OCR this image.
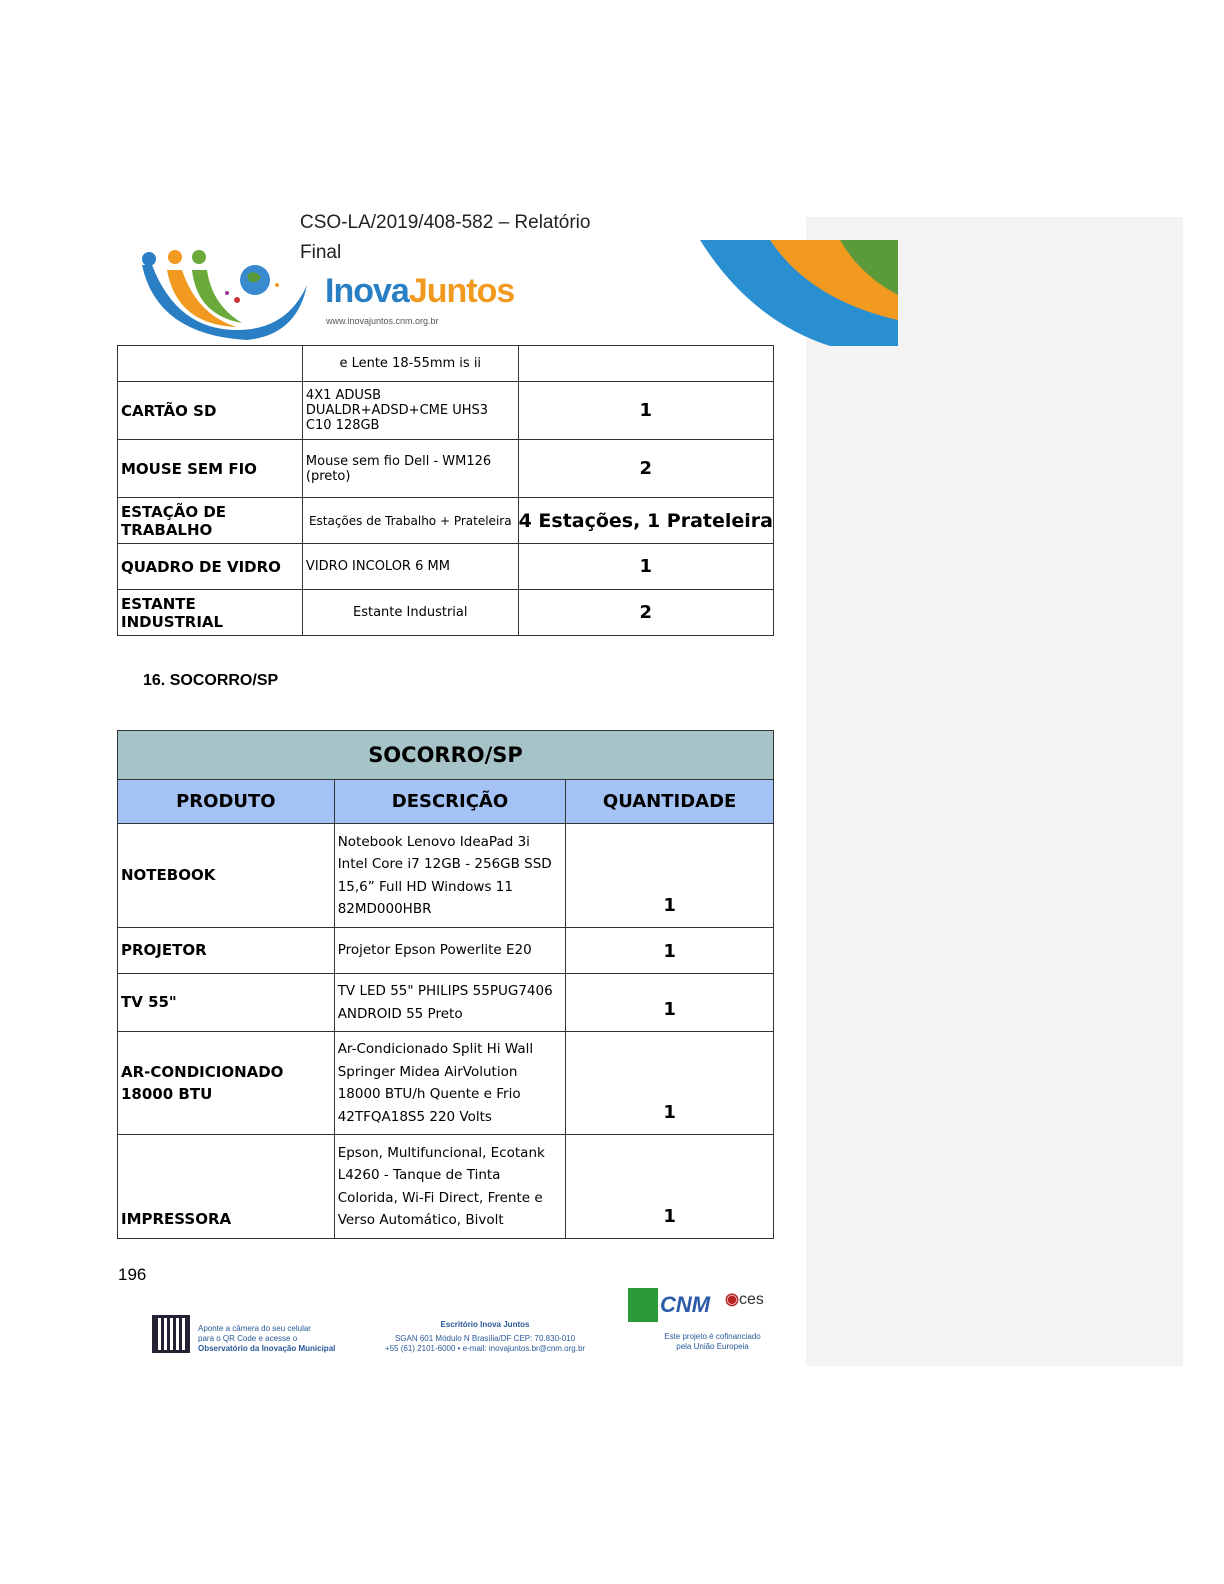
CSO-LA/2019/408-582 – Relatório Final
InovaJuntos
www.inovajuntos.cnm.org.br
	e Lente 18-55mm is ii	
CARTÃO SD	4X1 ADUSB DUALDR+ADSD+CME UHS3 C10 128GB	1
MOUSE SEM FIO	Mouse sem fio Dell - WM126 (preto)	2
ESTAÇÃO DE TRABALHO	Estações de Trabalho + Prateleira	4 Estações, 1 Prateleira
QUADRO DE VIDRO	VIDRO INCOLOR 6 MM	1
ESTANTE INDUSTRIAL	Estante Industrial	2
16. SOCORRO/SP
SOCORRO/SP		
PRODUTO	DESCRIÇÃO	QUANTIDADE
NOTEBOOK	Notebook Lenovo IdeaPad 3i Intel Core i7 12GB - 256GB SSD 15,6” Full HD Windows 11 82MD000HBR	1
PROJETOR	Projetor Epson Powerlite E20	1
TV 55"	TV LED 55" PHILIPS 55PUG7406 ANDROID 55 Preto	1
AR-CONDICIONADO 18000 BTU	Ar-Condicionado Split Hi Wall Springer Midea AirVolution 18000 BTU/h Quente e Frio 42TFQA18S5 220 Volts	1
IMPRESSORA	Epson, Multifuncional, Ecotank L4260 - Tanque de Tinta Colorida, Wi-Fi Direct, Frente e Verso Automático, Bivolt	1
196
Aponte a câmera do seu celular
para o QR Code e acesse o
Observatório da Inovação Municipal
Escritório Inova Juntos
SGAN 601 Módulo N Brasília/DF CEP: 70.830-010
+55 (61) 2101-6000 • e-mail: inovajuntos.br@cnm.org.br
CNM ◉ces
Este projeto é cofinanciado
pela União Europeia
